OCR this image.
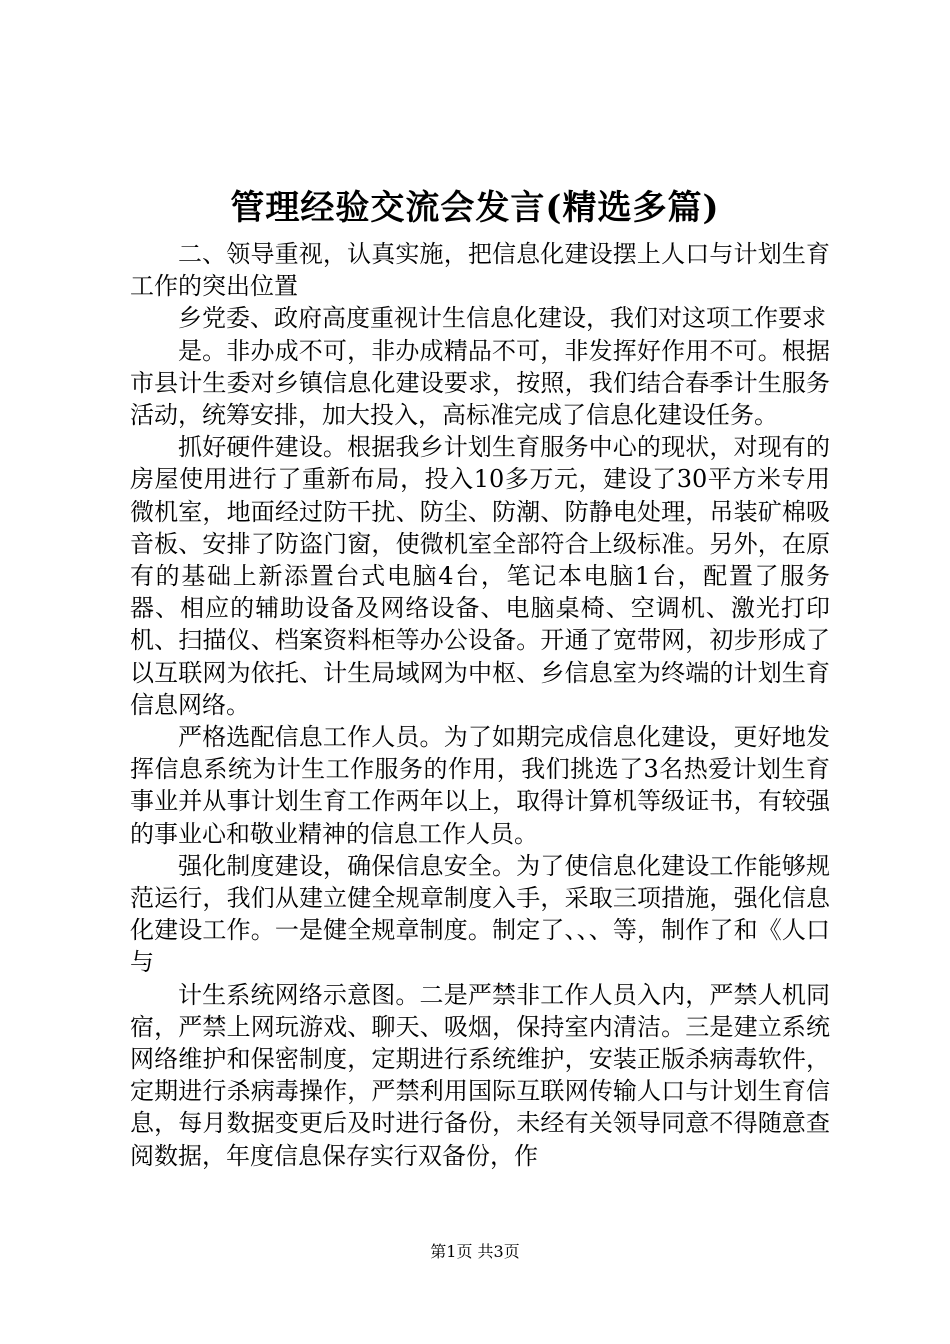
管理经验交流会发言(精选多篇)

二、领导重视，认真实施，把信息化建设摆上人口与计划生育工作的突出位置

乡党委、政府高度重视计生信息化建设，我们对这项工作要求

是。非办成不可，非办成精品不可，非发挥好作用不可。根据市县计生委对乡镇信息化建设要求，按照，我们结合春季计生服务活动，统筹安排，加大投入，高标准完成了信息化建设任务。

抓好硬件建设。根据我乡计划生育服务中心的现状，对现有的房屋使用进行了重新布局，投入10多万元，建设了30平方米专用微机室，地面经过防干扰、防尘、防潮、防静电处理，吊装矿棉吸音板、安排了防盗门窗，使微机室全部符合上级标准。另外，在原有的基础上新添置台式电脑4台，笔记本电脑1台，配置了服务器、相应的辅助设备及网络设备、电脑桌椅、空调机、激光打印机、扫描仪、档案资料柜等办公设备。开通了宽带网，初步形成了以互联网为依托、计生局域网为中枢、乡信息室为终端的计划生育信息网络。

严格选配信息工作人员。为了如期完成信息化建设，更好地发挥信息系统为计生工作服务的作用，我们挑选了3名热爱计划生育事业并从事计划生育工作两年以上，取得计算机等级证书，有较强的事业心和敬业精神的信息工作人员。

强化制度建设，确保信息安全。为了使信息化建设工作能够规范运行，我们从建立健全规章制度入手，采取三项措施，强化信息化建设工作。一是健全规章制度。制定了、、、等，制作了和《人口与

计生系统网络示意图。二是严禁非工作人员入内，严禁人机同宿，严禁上网玩游戏、聊天、吸烟，保持室内清洁。三是建立系统网络维护和保密制度，定期进行系统维护，安装正版杀病毒软件，定期进行杀病毒操作，严禁利用国际互联网传输人口与计划生育信息，每月数据变更后及时进行备份，未经有关领导同意不得随意查阅数据，年度信息保存实行双备份，作

第1页 共3页
